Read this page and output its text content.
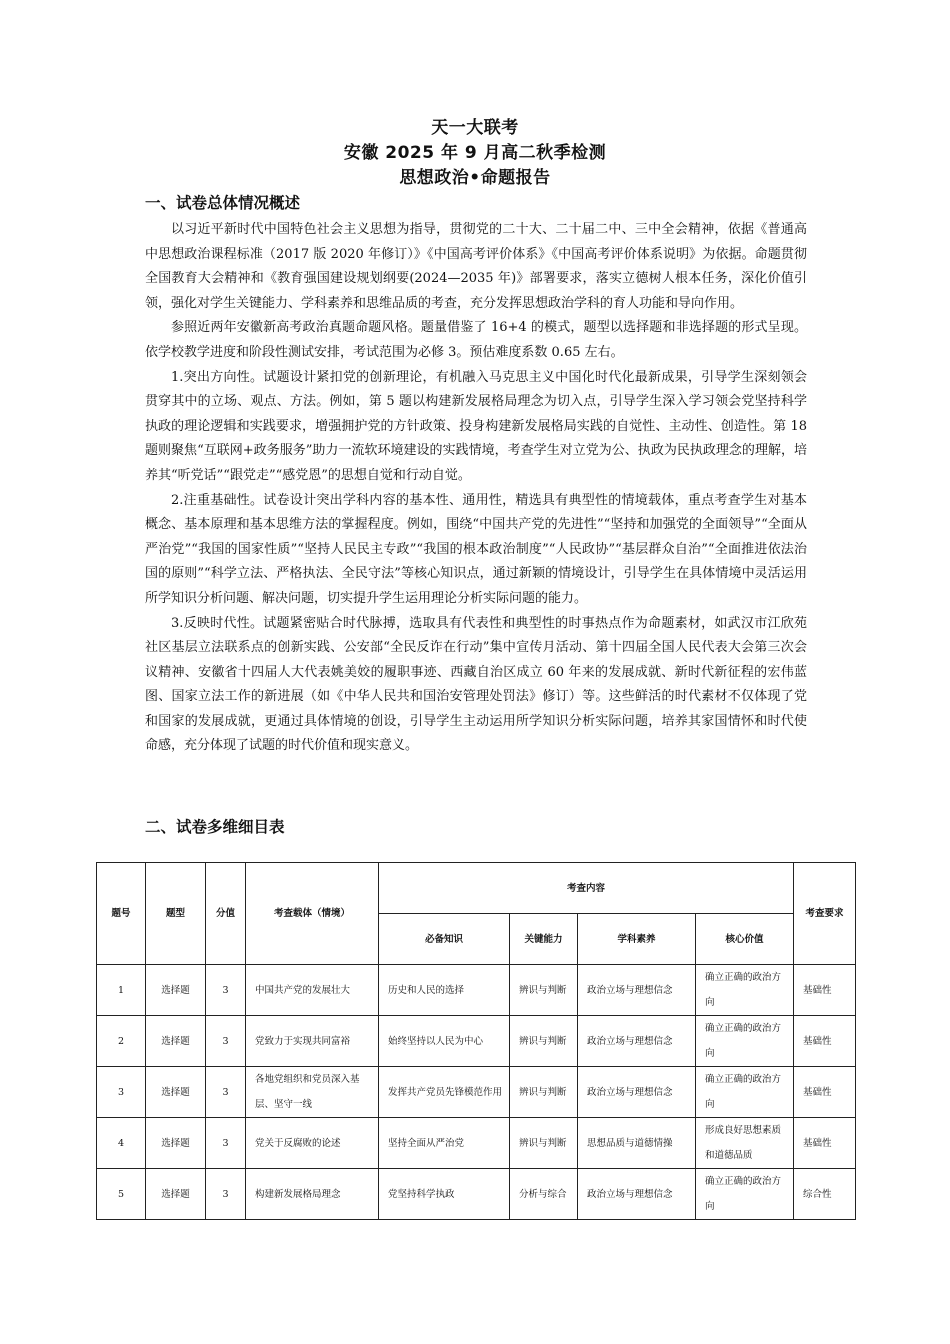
天一大联考
安徽 2025 年 9 月高二秋季检测
思想政治•命题报告
一、试卷总体情况概述

以习近平新时代中国特色社会主义思想为指导，贯彻党的二十大、二十届二中、三中全会精神，依据《普通高中思想政治课程标准（2017 版 2020 年修订）》《中国高考评价体系》《中国高考评价体系说明》为依据。命题贯彻全国教育大会精神和《教育强国建设规划纲要(2024—2035 年)》部署要求，落实立德树人根本任务，深化价值引领，强化对学生关键能力、学科素养和思维品质的考查，充分发挥思想政治学科的育人功能和导向作用。

参照近两年安徽新高考政治真题命题风格。题量借鉴了 16+4 的模式，题型以选择题和非选择题的形式呈现。依学校教学进度和阶段性测试安排，考试范围为必修 3。预估难度系数 0.65 左右。

1.突出方向性。试题设计紧扣党的创新理论，有机融入马克思主义中国化时代化最新成果，引导学生深刻领会贯穿其中的立场、观点、方法。例如，第 5 题以构建新发展格局理念为切入点，引导学生深入学习领会党坚持科学执政的理论逻辑和实践要求，增强拥护党的方针政策、投身构建新发展格局实践的自觉性、主动性、创造性。第 18 题则聚焦“互联网+政务服务”助力一流软环境建设的实践情境，考查学生对立党为公、执政为民执政理念的理解，培养其“听党话”“跟党走”“感党恩”的思想自觉和行动自觉。

2.注重基础性。试卷设计突出学科内容的基本性、通用性，精选具有典型性的情境载体，重点考查学生对基本概念、基本原理和基本思维方法的掌握程度。例如，围绕“中国共产党的先进性”“坚持和加强党的全面领导”“全面从严治党”“我国的国家性质”“坚持人民民主专政”“我国的根本政治制度”“人民政协”“基层群众自治”“全面推进依法治国的原则”“科学立法、严格执法、全民守法”等核心知识点，通过新颖的情境设计，引导学生在具体情境中灵活运用所学知识分析问题、解决问题，切实提升学生运用理论分析实际问题的能力。

3.反映时代性。试题紧密贴合时代脉搏，选取具有代表性和典型性的时事热点作为命题素材，如武汉市江欣苑社区基层立法联系点的创新实践、公安部“全民反诈在行动”集中宣传月活动、第十四届全国人民代表大会第三次会议精神、安徽省十四届人大代表姚美姣的履职事迹、西藏自治区成立 60 年来的发展成就、新时代新征程的宏伟蓝图、国家立法工作的新进展（如《中华人民共和国治安管理处罚法》修订）等。这些鲜活的时代素材不仅体现了党和国家的发展成就，更通过具体情境的创设，引导学生主动运用所学知识分析实际问题，培养其家国情怀和时代使命感，充分体现了试题的时代价值和现实意义。

二、试卷多维细目表
题号	题型	分值	考查载体（情境）	考查内容				考查要求
				必备知识	关键能力	学科素养	核心价值	
1	选择题	3	中国共产党的发展壮大	历史和人民的选择	辨识与判断	政治立场与理想信念	确立正确的政治方向	基础性
2	选择题	3	党致力于实现共同富裕	始终坚持以人民为中心	辨识与判断	政治立场与理想信念	确立正确的政治方向	基础性
3	选择题	3	各地党组织和党员深入基层、坚守一线	发挥共产党员先锋模范作用	辨识与判断	政治立场与理想信念	确立正确的政治方向	基础性
4	选择题	3	党关于反腐败的论述	坚持全面从严治党	辨识与判断	思想品质与道德情操	形成良好思想素质和道德品质	基础性
5	选择题	3	构建新发展格局理念	党坚持科学执政	分析与综合	政治立场与理想信念	确立正确的政治方向	综合性
